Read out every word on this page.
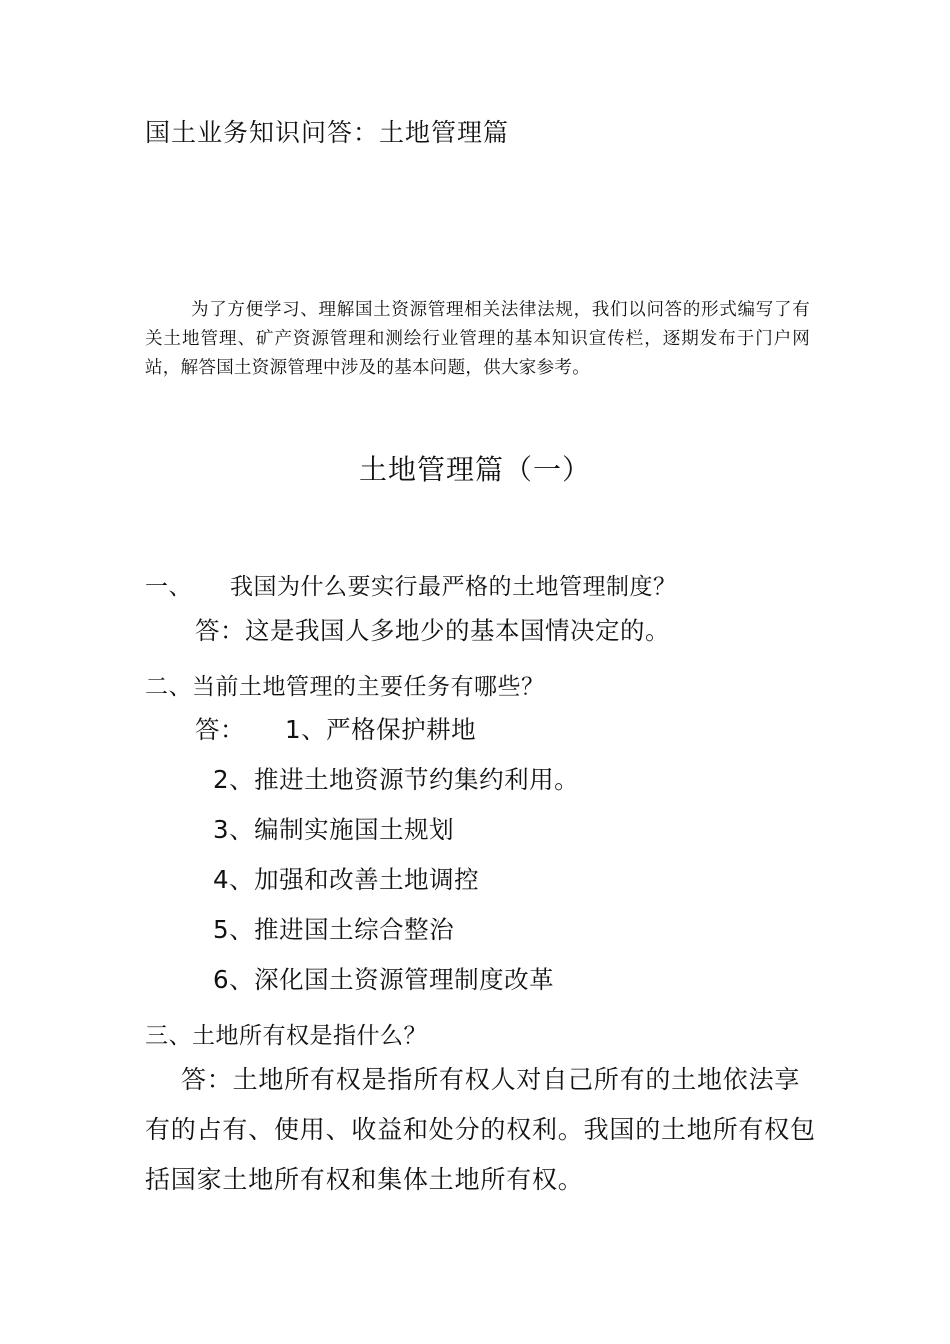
国土业务知识问答：土地管理篇
为了方便学习、理解国土资源管理相关法律法规，我们以问答的形式编写了有关土地管理、矿产资源管理和测绘行业管理的基本知识宣传栏，逐期发布于门户网站，解答国土资源管理中涉及的基本问题，供大家参考。
土地管理篇（一）
一、 我国为什么要实行最严格的土地管理制度？
答：这是我国人多地少的基本国情决定的。
二、当前土地管理的主要任务有哪些？
答： 1、严格保护耕地
2、推进土地资源节约集约利用。
3、编制实施国土规划
4、加强和改善土地调控
5、推进国土综合整治
6、深化国土资源管理制度改革
三、土地所有权是指什么？
答：土地所有权是指所有权人对自己所有的土地依法享有的占有、使用、收益和处分的权利。我国的土地所有权包括国家土地所有权和集体土地所有权。
